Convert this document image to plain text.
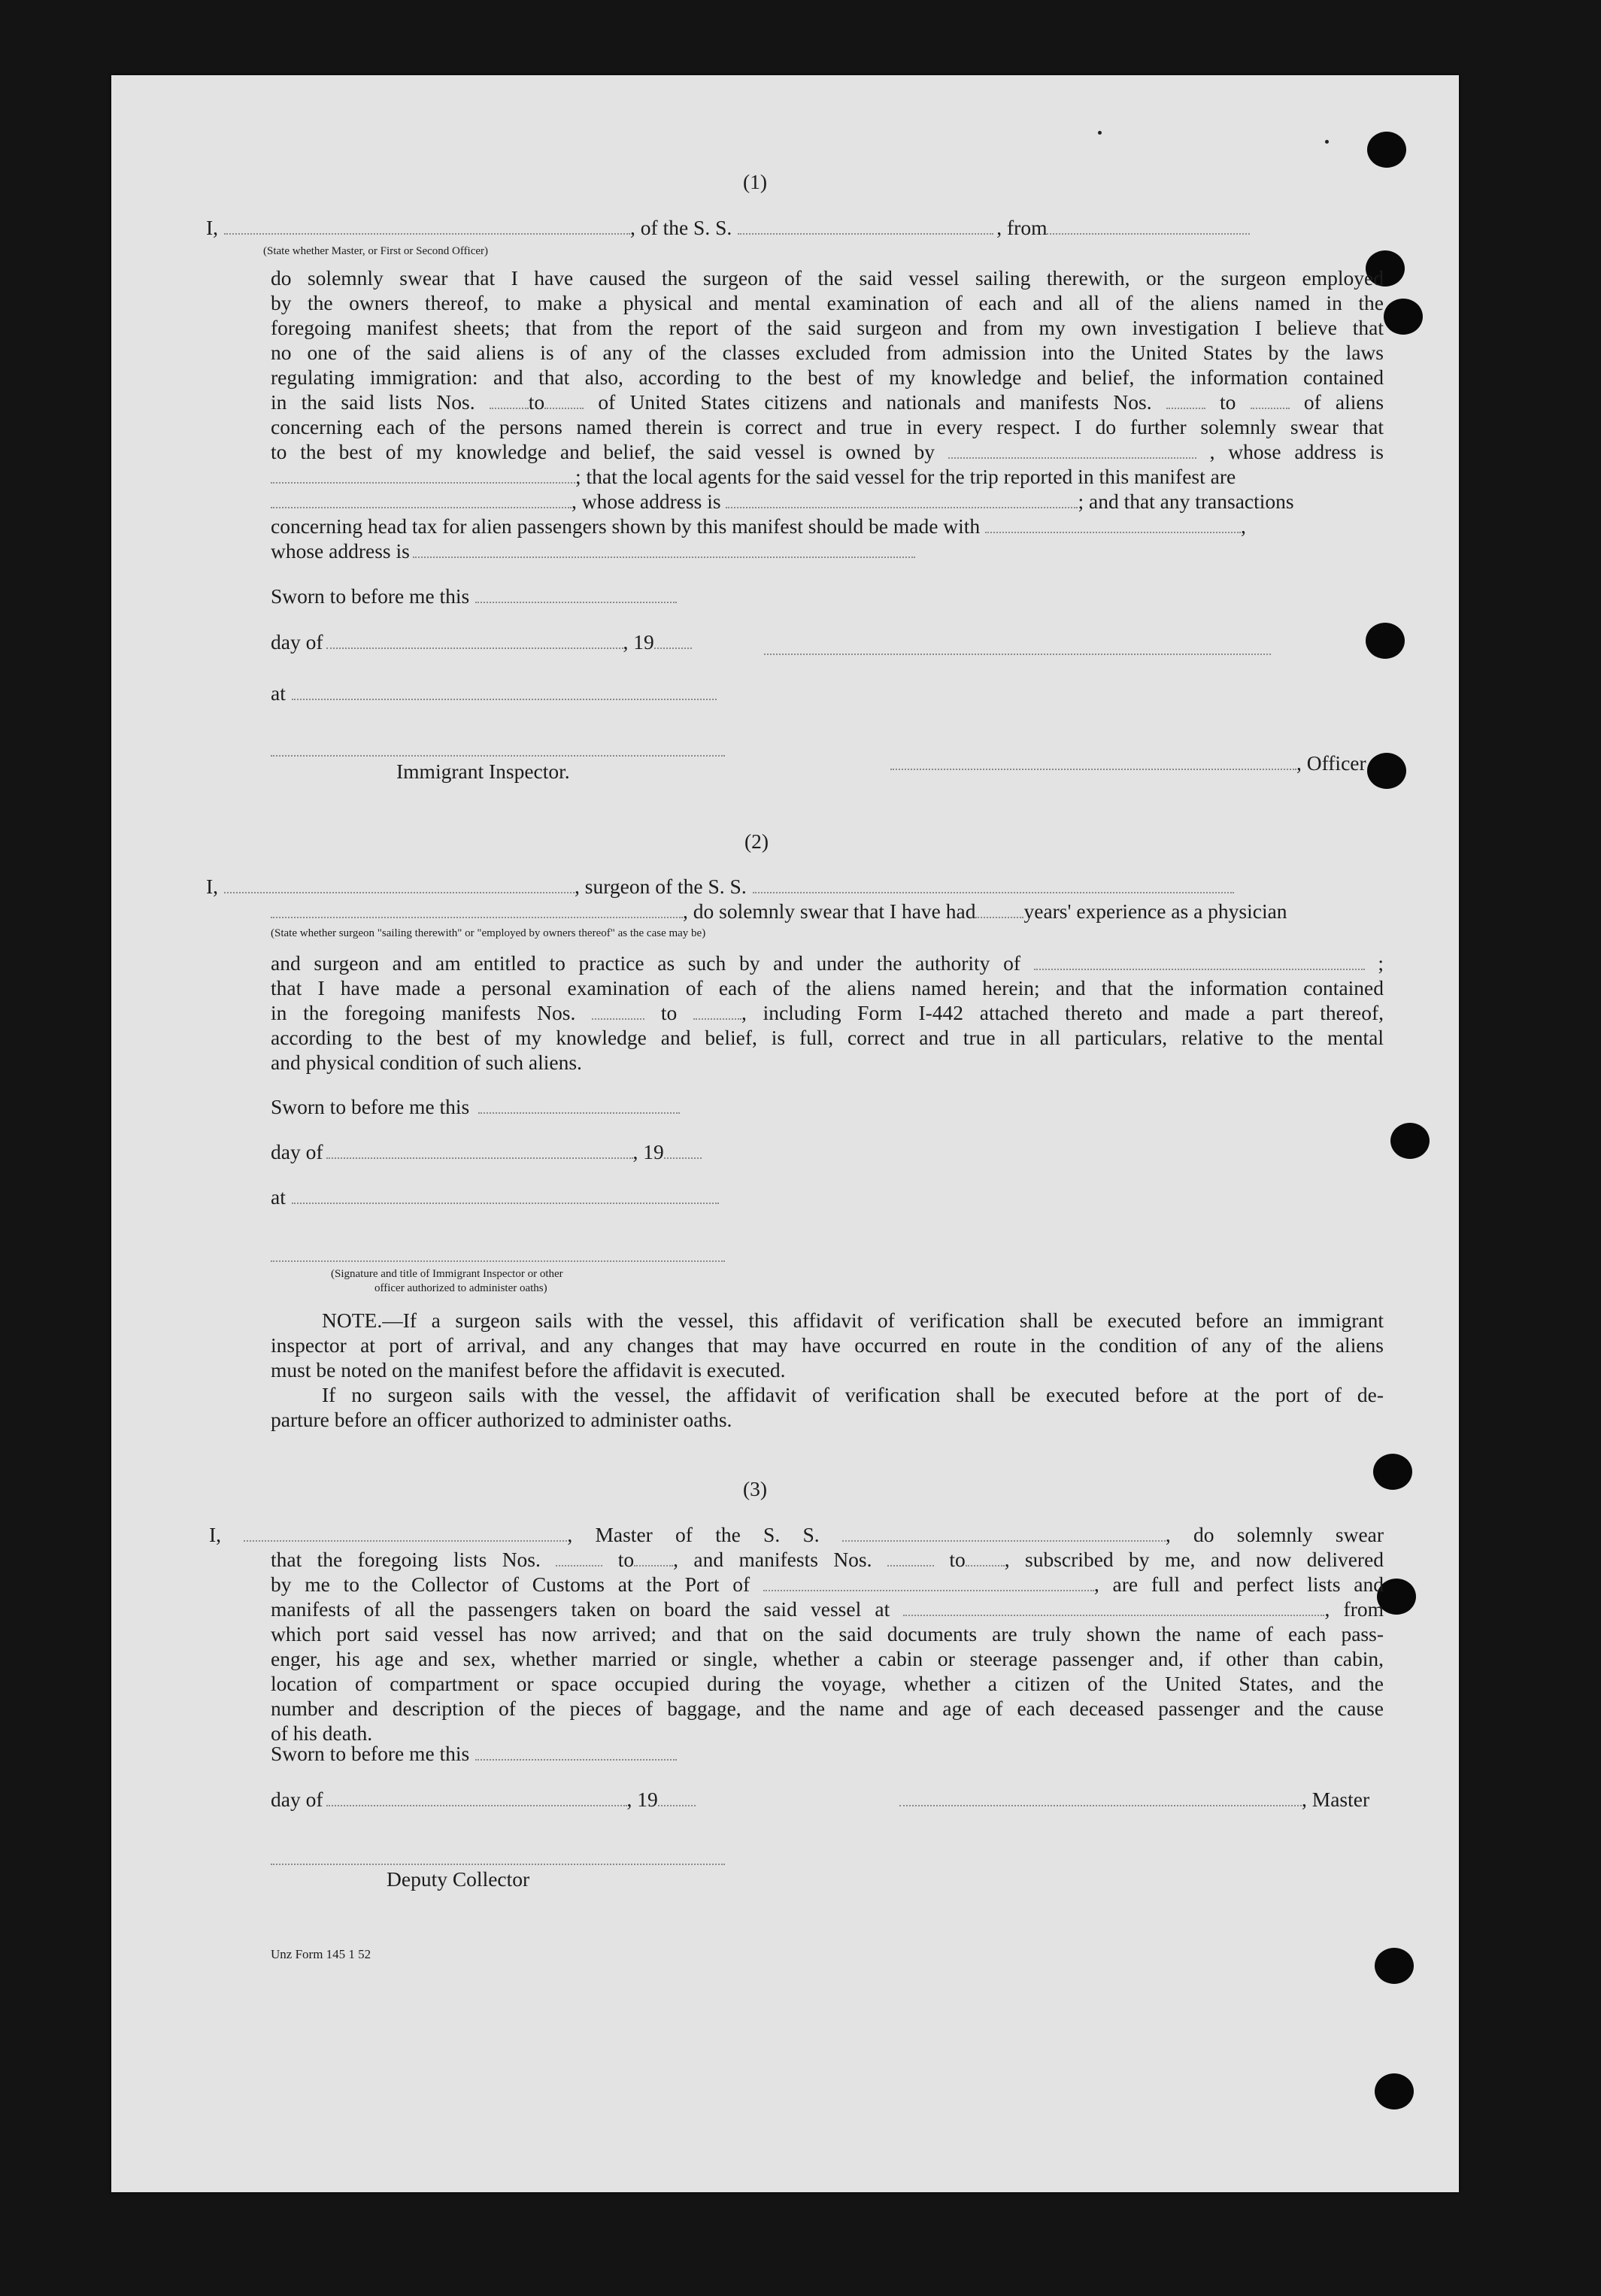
(1)
I,	, of the S. S.	, from
(State whether Master, or First or Second Officer)
do solemnly swear that I have caused the surgeon of the said vessel sailing therewith, or the surgeon employed
by the owners thereof, to make a physical and mental examination of each and all of the aliens named in the
foregoing manifest sheets; that from the report of the said surgeon and from my own investigation I believe that
no one of the said aliens is of any of the classes excluded from admission into the United States by the laws
regulating immigration: and that also, according to the best of my knowledge and belief, the information contained
in the said lists Nos.	to	of United States citizens and nationals and manifests Nos.	to	of aliens
concerning each of the persons named therein is correct and true in every respect. I do further solemnly swear that
to the best of my knowledge and belief, the said vessel is owned by	, whose address is
; that the local agents for the said vessel for the trip reported in this manifest are
, whose address is	; and that any transactions
concerning head tax for alien passengers shown by this manifest should be made with	,
whose address is
Sworn to before me this
day of	, 19
at
Immigrant Inspector.	, Officer
(2)
I,	, surgeon of the S. S.
, do solemnly swear that I have had years' experience as a physician
(State whether surgeon "sailing therewith" or "employed by owners thereof" as the case may be)
and surgeon and am entitled to practice as such by and under the authority of	;
that I have made a personal examination of each of the aliens named herein; and that the information contained
in the foregoing manifests Nos.	to	, including Form I-442 attached thereto and made a part thereof,
according to the best of my knowledge and belief, is full, correct and true in all particulars, relative to the mental
and physical condition of such aliens.
Sworn to before me this
day of	, 19
at
(Signature and title of Immigrant Inspector or other
officer authorized to administer oaths)
NOTE.—If a surgeon sails with the vessel, this affidavit of verification shall be executed before an immigrant
inspector at port of arrival, and any changes that may have occurred en route in the condition of any of the aliens
must be noted on the manifest before the affidavit is executed.
If no surgeon sails with the vessel, the affidavit of verification shall be executed before at the port of de-
parture before an officer authorized to administer oaths.
(3)
I,	, Master of the S. S.	, do solemnly swear
that the foregoing lists Nos.	to , and manifests Nos.	to , subscribed by me, and now delivered
by me to the Collector of Customs at the Port of	, are full and perfect lists and
manifests of all the passengers taken on board the said vessel at	, from
which port said vessel has now arrived; and that on the said documents are truly shown the name of each pass-
enger, his age and sex, whether married or single, whether a cabin or steerage passenger and, if other than cabin,
location of compartment or space occupied during the voyage, whether a citizen of the United States, and the
number and description of the pieces of baggage, and the name and age of each deceased passenger and the cause
of his death.
Sworn to before me this
day of	, 19	, Master
Deputy Collector
Unz Form 145 1 52
